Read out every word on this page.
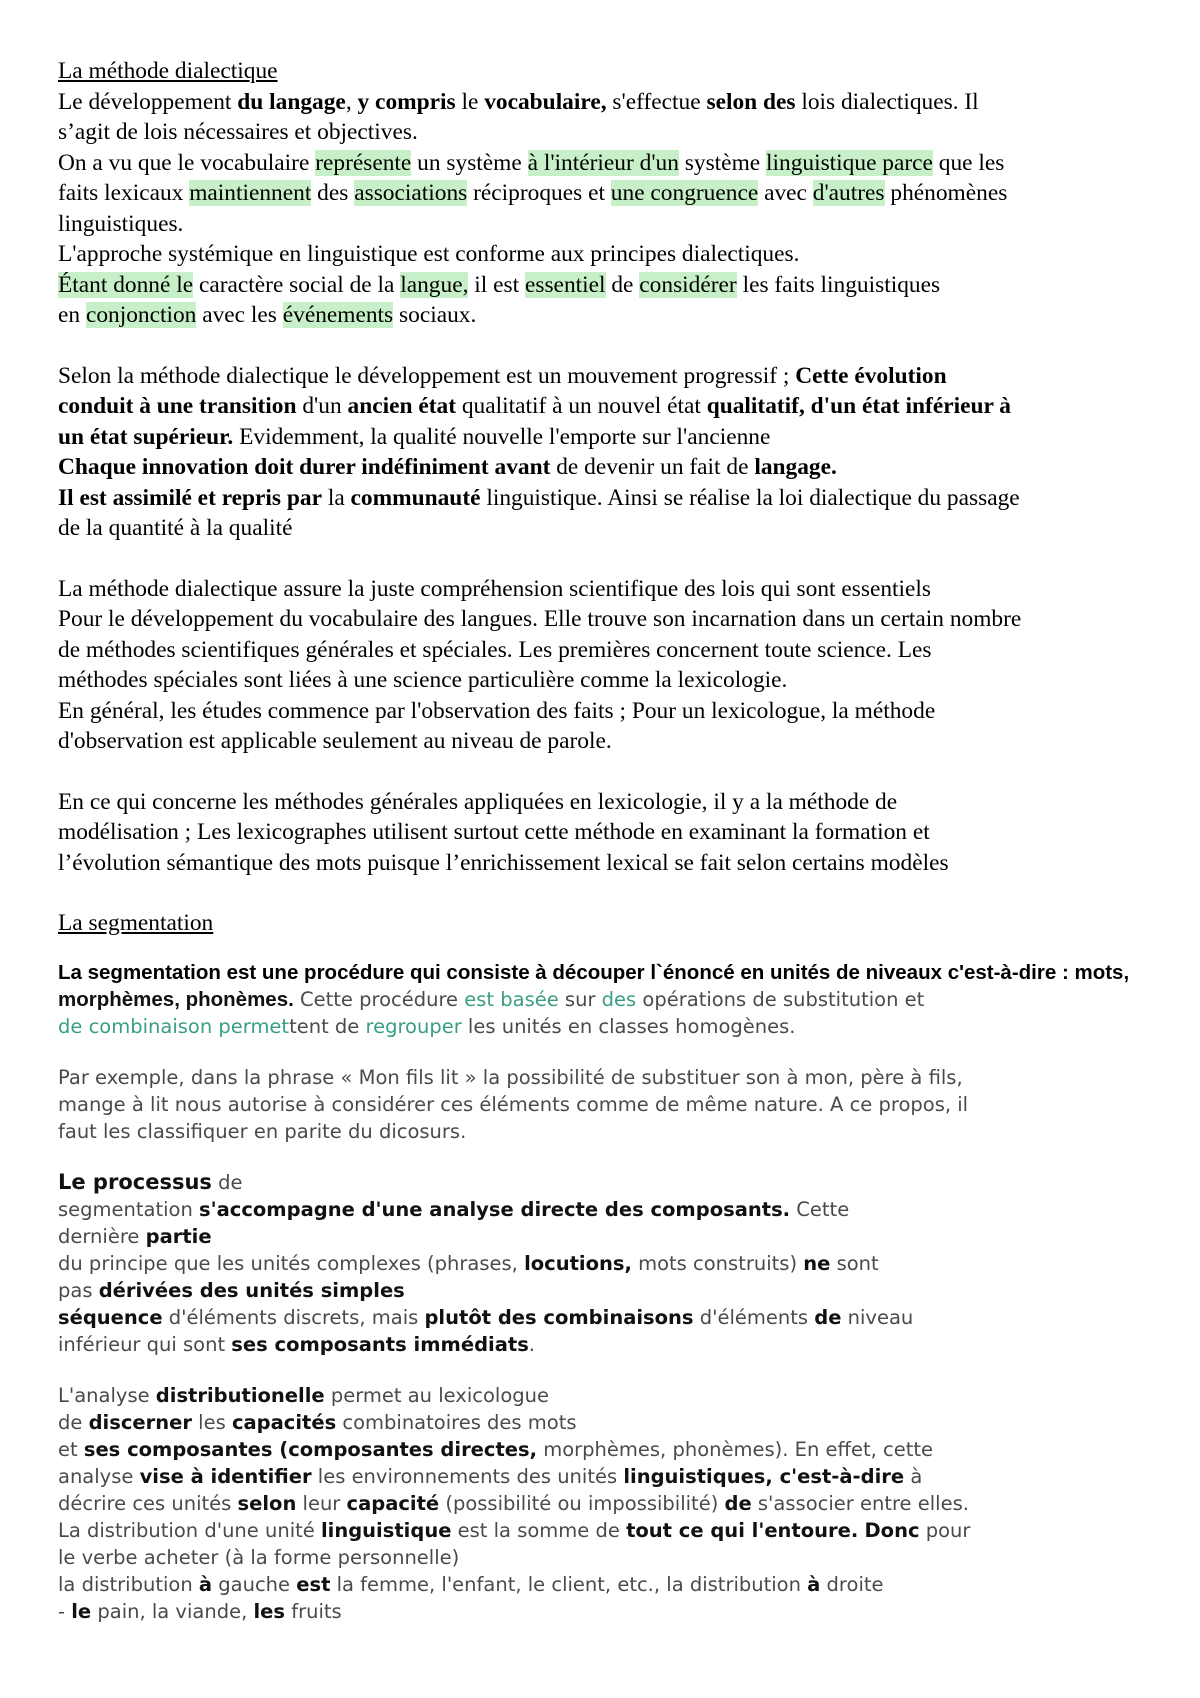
La méthode dialectique

Le développement du langage, y compris le vocabulaire, s'effectue selon des lois dialectiques. Il

s’agit de lois nécessaires et objectives.

On a vu que le vocabulaire représente un système à l'intérieur d'un système linguistique parce que les

faits lexicaux maintiennent des associations réciproques et une congruence avec d'autres phénomènes

linguistiques.

L'approche systémique en linguistique est conforme aux principes dialectiques.

Étant donné le caractère social de la langue, il est essentiel de considérer les faits linguistiques

en conjonction avec les événements sociaux.

Selon la méthode dialectique le développement est un mouvement progressif ; Cette évolution

conduit à une transition d'un ancien état qualitatif à un nouvel état qualitatif, d'un état inférieur à

un état supérieur. Evidemment, la qualité nouvelle l'emporte sur l'ancienne

Chaque innovation doit durer indéfiniment avant de devenir un fait de langage.

Il est assimilé et repris par la communauté linguistique. Ainsi se réalise la loi dialectique du passage

de la quantité à la qualité

La méthode dialectique assure la juste compréhension scientifique des lois qui sont essentiels

Pour le développement du vocabulaire des langues. Elle trouve son incarnation dans un certain nombre

de méthodes scientifiques générales et spéciales. Les premières concernent toute science. Les

méthodes spéciales sont liées à une science particulière comme la lexicologie.

En général, les études commence par l'observation des faits ; Pour un lexicologue, la méthode

d'observation est applicable seulement au niveau de parole.

En ce qui concerne les méthodes générales appliquées en lexicologie, il y a la méthode de

modélisation ; Les lexicographes utilisent surtout cette méthode en examinant la formation et

l’évolution sémantique des mots puisque l’enrichissement lexical se fait selon certains modèles

La segmentation

La segmentation est une procédure qui consiste à découper l`énoncé en unités de niveaux c'est-à-dire : mots,

morphèmes, phonèmes. Cette procédure est basée sur des opérations de substitution et

de combinaison permettent de regrouper les unités en classes homogènes.

Par exemple, dans la phrase « Mon fils lit » la possibilité de substituer son à mon, père à fils,

mange à lit nous autorise à considérer ces éléments comme de même nature. A ce propos, il

faut les classifiquer en parite du dicosurs.

Le processus de

segmentation s'accompagne d'une analyse directe des composants. Cette

dernière partie

du principe que les unités complexes (phrases, locutions, mots construits) ne sont

pas dérivées des unités simples

séquence d'éléments discrets, mais plutôt des combinaisons d'éléments de niveau

inférieur qui sont ses composants immédiats.

L'analyse distributionelle permet au lexicologue

de discerner les capacités combinatoires des mots

et ses composantes (composantes directes, morphèmes, phonèmes). En effet, cette

analyse vise à identifier les environnements des unités linguistiques, c'est-à-dire à

décrire ces unités selon leur capacité (possibilité ou impossibilité) de s'associer entre elles.

La distribution d'une unité linguistique est la somme de tout ce qui l'entoure. Donc pour

le verbe acheter (à la forme personnelle)

la distribution à gauche est la femme, l'enfant, le client, etc., la distribution à droite

- le pain, la viande, les fruits
